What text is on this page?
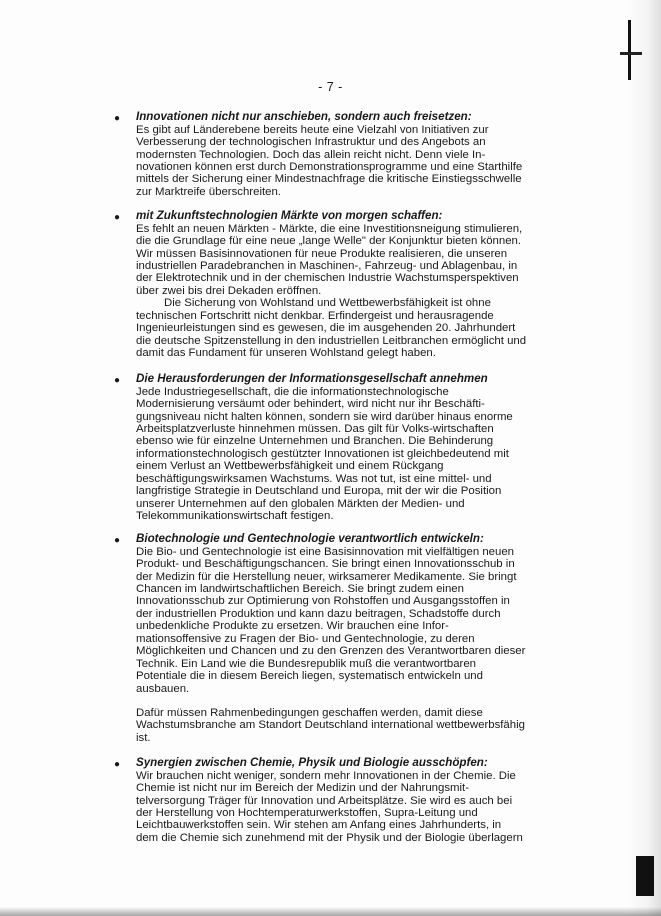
- 7 -
● Innovationen nicht nur anschieben, sondern auch freisetzen:

Es gibt auf Länderebene bereits heute eine Vielzahl von Initiativen zur
Verbesserung der technologischen Infrastruktur und des Angebots an
modernsten Technologien. Doch das allein reicht nicht. Denn viele In-
novationen können erst durch Demonstrationsprogramme und eine Starthilfe
mittels der Sicherung einer Mindestnachfrage die kritische Einstiegsschwelle
zur Marktreife überschreiten.

● mit Zukunftstechnologien Märkte von morgen schaffen:

Es fehlt an neuen Märkten - Märkte, die eine Investitionsneigung stimulieren,
die die Grundlage für eine neue „lange Welle" der Konjunktur bieten können.
Wir müssen Basisinnovationen für neue Produkte realisieren, die unseren
industriellen Paradebranchen in Maschinen-, Fahrzeug- und Ablagenbau, in
der Elektrotechnik und in der chemischen Industrie Wachstumsperspektiven
über zwei bis drei Dekaden eröffnen.
Die Sicherung von Wohlstand und Wettbewerbsfähigkeit ist ohne
technischen Fortschritt nicht denkbar. Erfindergeist und herausragende
Ingenieurleistungen sind es gewesen, die im ausgehenden 20. Jahrhundert
die deutsche Spitzenstellung in den industriellen Leitbranchen ermöglicht und
damit das Fundament für unseren Wohlstand gelegt haben.

● Die Herausforderungen der Informationsgesellschaft annehmen

Jede Industriegesellschaft, die die informationstechnologische
Modernisierung versäumt oder behindert, wird nicht nur ihr Beschäfti-
gungsniveau nicht halten können, sondern sie wird darüber hinaus enorme
Arbeitsplatzverluste hinnehmen müssen. Das gilt für Volks-wirtschaften
ebenso wie für einzelne Unternehmen und Branchen. Die Behinderung
informationstechnologisch gestützter Innovationen ist gleichbedeutend mit
einem Verlust an Wettbewerbsfähigkeit und einem Rückgang
beschäftigungswirksamen Wachstums. Was not tut, ist eine mittel- und
langfristige Strategie in Deutschland und Europa, mit der wir die Position
unserer Unternehmen auf den globalen Märkten der Medien- und
Telekommunikationswirtschaft festigen.

● Biotechnologie und Gentechnologie verantwortlich entwickeln:

Die Bio- und Gentechnologie ist eine Basisinnovation mit vielfältigen neuen
Produkt- und Beschäftigungschancen. Sie bringt einen Innovationsschub in
der Medizin für die Herstellung neuer, wirksamerer Medikamente. Sie bringt
Chancen im landwirtschaftlichen Bereich. Sie bringt zudem einen
Innovationsschub zur Optimierung von Rohstoffen und Ausgangsstoffen in
der industriellen Produktion und kann dazu beitragen, Schadstoffe durch
unbedenkliche Produkte zu ersetzen. Wir brauchen eine Infor-
mationsoffensive zu Fragen der Bio- und Gentechnologie, zu deren
Möglichkeiten und Chancen und zu den Grenzen des Verantwortbaren dieser
Technik. Ein Land wie die Bundesrepublik muß die verantwortbaren
Potentiale die in diesem Bereich liegen, systematisch entwickeln und
ausbauen.

Dafür müssen Rahmenbedingungen geschaffen werden, damit diese
Wachstumsbranche am Standort Deutschland international wettbewerbsfähig
ist.

● Synergien zwischen Chemie, Physik und Biologie ausschöpfen:

Wir brauchen nicht weniger, sondern mehr Innovationen in der Chemie. Die
Chemie ist nicht nur im Bereich der Medizin und der Nahrungsmit-
telversorgung Träger für Innovation und Arbeitsplätze. Sie wird es auch bei
der Herstellung von Hochtemperaturwerkstoffen, Supra-Leitung und
Leichtbauwerkstoffen sein. Wir stehen am Anfang eines Jahrhunderts, in
dem die Chemie sich zunehmend mit der Physik und der Biologie überlagern
